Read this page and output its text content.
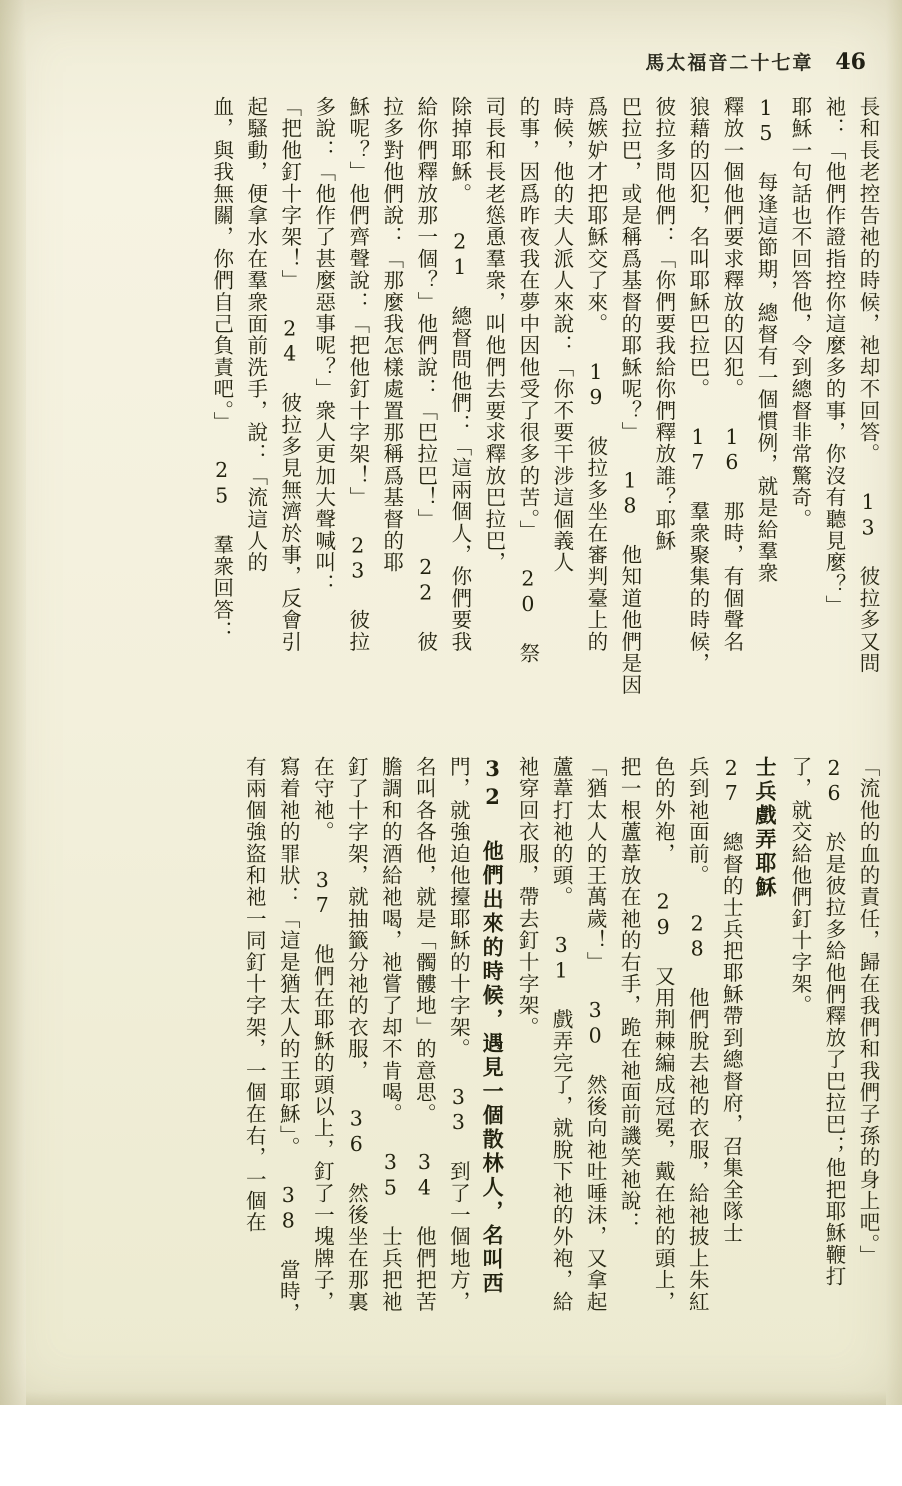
馬太福音二十七章 46
長和長老控告祂的時候，祂却不回答。 13 彼拉多又問
祂：「他們作證指控你這麼多的事，你沒有聽見麼？」
耶穌一句話也不回答他，令到總督非常驚奇。
15 每逢這節期，總督有一個慣例，就是給羣衆
釋放一個他們要求釋放的囚犯。 16 那時，有個聲名
狼藉的囚犯，名叫耶穌巴拉巴。 17 羣衆聚集的時候，
彼拉多問他們：「你們要我給你們釋放誰？耶穌
巴拉巴，或是稱爲基督的耶穌呢？」 18 他知道他們是因
爲嫉妒才把耶穌交了來。 19 彼拉多坐在審判臺上的
時候，他的夫人派人來說：「你不要干涉這個義人
的事，因爲昨夜我在夢中因他受了很多的苦。」 20 祭
司長和長老慫恿羣衆，叫他們去要求釋放巴拉巴，
除掉耶穌。 21 總督問他們：「這兩個人，你們要我
給你們釋放那一個？」他們說：「巴拉巴！」 22 彼
拉多對他們說：「那麼我怎樣處置那稱爲基督的耶
穌呢？」他們齊聲說：「把他釘十字架！」 23 彼拉
多說：「他作了甚麼惡事呢？」衆人更加大聲喊叫：
「把他釘十字架！」 24 彼拉多見無濟於事，反會引
起騷動，便拿水在羣衆面前洗手，說：「流這人的
血，與我無關，你們自己負責吧。」 25 羣衆回答：
「流他的血的責任，歸在我們和我們子孫的身上吧。」
26 於是彼拉多給他們釋放了巴拉巴；他把耶穌鞭打
了，就交給他們釘十字架。
士兵戲弄耶穌
27 總督的士兵把耶穌帶到總督府，召集全隊士
兵到祂面前。 28 他們脫去祂的衣服，給祂披上朱紅
色的外袍， 29 又用荆棘編成冠冕，戴在祂的頭上，
把一根蘆葦放在祂的右手，跪在祂面前譏笑祂說：
「猶太人的王萬歲！」 30 然後向祂吐唾沫，又拿起
蘆葦打祂的頭。 31 戲弄完了，就脫下祂的外袍，給
祂穿回衣服，帶去釘十字架。
32 他們出來的時候，遇見一個散林人，名叫西
門，就強迫他擡耶穌的十字架。 33 到了一個地方，
名叫各各他，就是「髑髏地」的意思。 34 他們把苦
膽調和的酒給祂喝，祂嘗了却不肯喝。 35 士兵把祂
釘了十字架，就抽籤分祂的衣服， 36 然後坐在那裏
在守祂。 37 他們在耶穌的頭以上，釘了一塊牌子，
寫着祂的罪狀：「這是猶太人的王耶穌」。 38 當時，
有兩個強盜和祂一同釘十字架，一個在右，一個在
